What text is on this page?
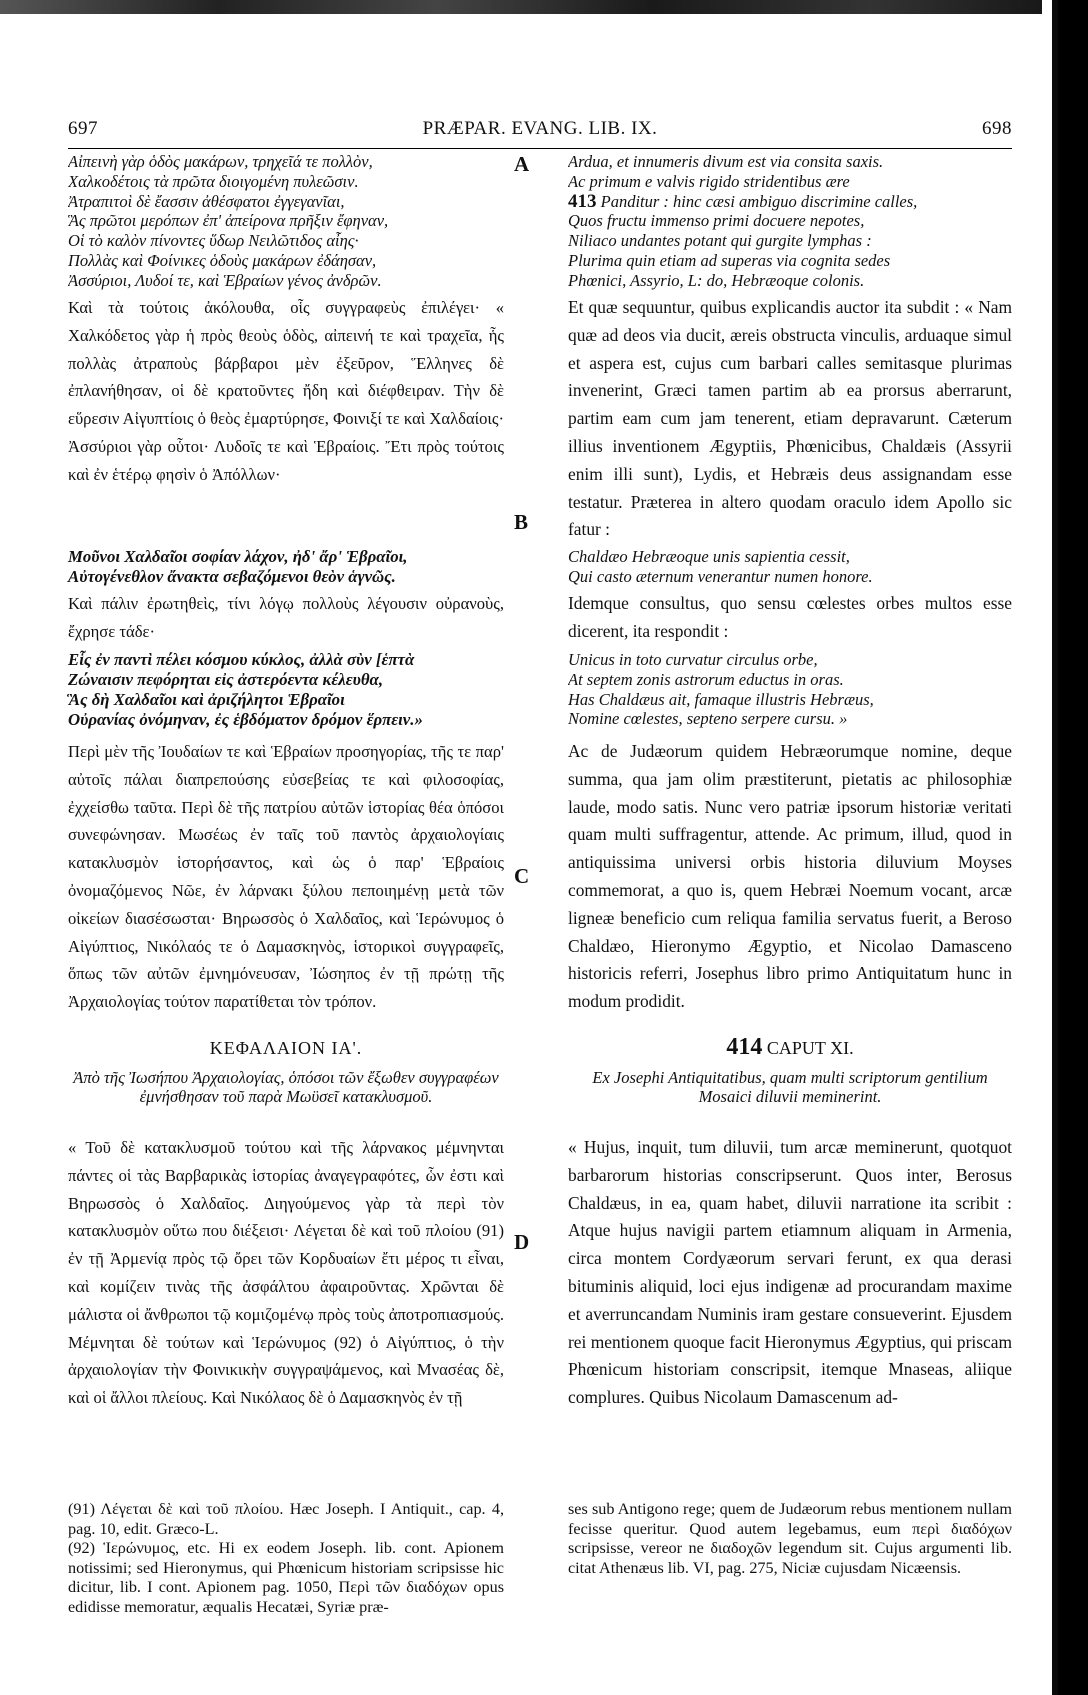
PRÆPAR. EVANG. LIB. IX.
697	698
A
B
C
D
Αἰπεινὴ γὰρ ὁδὸς μακάρων, τρηχεῖά τε πολλὸν,
Χαλκοδέτοις τὰ πρῶτα διοιγομένη πυλεῶσιν.
Ἀτραπιτοὶ δὲ ἔασσιν ἀθέσφατοι ἐγγεγανῖαι,
Ἃς πρῶτοι μερόπων ἐπ' ἀπείρονα πρῆξιν ἔφηναν,
Οἱ τὸ καλὸν πίνοντες ὕδωρ Νειλῶτιδος αἶης·
Πολλὰς καὶ Φοίνικες ὁδοὺς μακάρων ἐδάησαν,
Ἀσσύριοι, Λυδοί τε, καὶ Ἑβραίων γένος ἀνδρῶν.
Καὶ τὰ τούτοις ἀκόλουθα, οἷς συγγραφεὺς ἐπιλέγει· « Χαλκόδετος γὰρ ἡ πρὸς θεοὺς ὁδὸς, αἰπεινή τε καὶ τραχεῖα, ἧς πολλὰς ἀτραποὺς βάρβαροι μὲν ἐξεῦρον, Ἕλληνες δὲ ἐπλανήθησαν, οἱ δὲ κρατοῦντες ἤδη καὶ διέφθειραν. Τὴν δὲ εὕρεσιν Αἰγυπτίοις ὁ θεὸς ἐμαρτύρησε, Φοινιξί τε καὶ Χαλδαίοις· Ἀσσύριοι γὰρ οὗτοι· Λυδοῖς τε καὶ Ἑβραίοις. Ἔτι πρὸς τούτοις καὶ ἐν ἑτέρῳ φησὶν ὁ Ἀπόλλων·
Μοῦνοι Χαλδαῖοι σοφίαν λάχον, ἠδ' ἄρ' Ἑβραῖοι,
Αὐτογένεθλον ἄνακτα σεβαζόμενοι θεὸν ἁγνῶς.
Καὶ πάλιν ἐρωτηθεὶς, τίνι λόγῳ πολλοὺς λέγουσιν οὐρανοὺς, ἔχρησε τάδε·
Εἷς ἐν παντὶ πέλει κόσμου κύκλος, ἀλλὰ σὺν [ἑπτὰ
Ζώναισιν πεφόρηται εἰς ἀστερόεντα κέλευθα,
Ἃς δὴ Χαλδαῖοι καὶ ἀριζήλητοι Ἑβραῖοι
Οὐρανίας ὀνόμηναν, ἐς ἑβδόματον δρόμον ἕρπειν.»
Περὶ μὲν τῆς Ἰουδαίων τε καὶ Ἑβραίων προσηγορίας, τῆς τε παρ' αὐτοῖς πάλαι διαπρεπούσης εὐσεβείας τε καὶ φιλοσοφίας, ἐχχείσθω ταῦτα. Περὶ δὲ τῆς πατρίου αὐτῶν ἱστορίας θέα ὁπόσοι συνεφώνησαν. Μωσέως ἐν ταῖς τοῦ παντὸς ἀρχαιολογίαις κατακλυσμὸν ἱστορήσαντος, καὶ ὡς ὁ παρ' Ἑβραίοις ὀνομαζόμενος Νῶε, ἐν λάρνακι ξύλου πεποιημένῃ μετὰ τῶν οἰκείων διασέσωσται· Βηρωσσὸς ὁ Χαλδαῖος, καὶ Ἱερώνυμος ὁ Αἰγύπτιος, Νικόλαός τε ὁ Δαμασκηνὸς, ἱστορικοὶ συγγραφεῖς, ὅπως τῶν αὐτῶν ἐμνημόνευσαν, Ἰώσηπος ἐν τῇ πρώτῃ τῆς Ἀρχαιολογίας τούτον παρατίθεται τὸν τρόπον.
ΚΕΦΑΛΑΙΟΝ ΙΑ'.
Ἀπὸ τῆς Ἰωσήπου Ἀρχαιολογίας, ὁπόσοι τῶν ἔξωθεν συγγραφέων ἐμνήσθησαν τοῦ παρὰ Μωϋσεῖ κατακλυσμοῦ.
« Τοῦ δὲ κατακλυσμοῦ τούτου καὶ τῆς λάρνακος μέμνηνται πάντες οἱ τὰς Βαρβαρικὰς ἱστορίας ἀναγεγραφότες, ὧν ἐστι καὶ Βηρωσσὸς ὁ Χαλδαῖος. Διηγούμενος γὰρ τὰ περὶ τὸν κατακλυσμὸν οὕτω που διέξεισι· Λέγεται δὲ καὶ τοῦ πλοίου (91) ἐν τῇ Ἀρμενίᾳ πρὸς τῷ ὄρει τῶν Κορδυαίων ἔτι μέρος τι εἶναι, καὶ κομίζειν τινὰς τῆς ἀσφάλτου ἀφαιροῦντας. Χρῶνται δὲ μάλιστα οἱ ἄνθρωποι τῷ κομιζομένῳ πρὸς τοὺς ἀποτροπιασμούς. Μέμνηται δὲ τούτων καὶ Ἱερώνυμος (92) ὁ Αἰγύπτιος, ὁ τὴν ἀρχαιολογίαν τὴν Φοινικικὴν συγγραψάμενος, καὶ Μνασέας δὲ, καὶ οἱ ἄλλοι πλείους. Καὶ Νικόλαος δὲ ὁ Δαμασκηνὸς ἐν τῇ
Ardua, et innumeris divum est via consita saxis.
Ac primum e valvis rigido stridentibus ære
413 Panditur : hinc cæsi ambiguo discrimine calles,
Quos fructu immenso primi docuere nepotes,
Niliaco undantes potant qui gurgite lymphas :
Plurima quin etiam ad superas via cognita sedes
Phœnici, Assyrio, L: do, Hebræoque colonis.
Et quæ sequuntur, quibus explicandis auctor ita subdit : « Nam quæ ad deos via ducit, æreis obstructa vinculis, arduaque simul et aspera est, cujus cum barbari calles semitasque plurimas invenerint, Græci tamen partim ab ea prorsus aberrarunt, partim eam cum jam tenerent, etiam depravarunt. Cæterum illius inventionem Ægyptiis, Phœnicibus, Chaldæis (Assyrii enim illi sunt), Lydis, et Hebræis deus assignandam esse testatur. Præterea in altero quodam oraculo idem Apollo sic fatur :
Chaldæo Hebræoque unis sapientia cessit,
Qui casto æternum venerantur numen honore.
Idemque consultus, quo sensu cœlestes orbes multos esse dicerent, ita respondit :
Unicus in toto curvatur circulus orbe,
At septem zonis astrorum eductus in oras.
Has Chaldæus ait, famaque illustris Hebræus,
Nomine cœlestes, septeno serpere cursu. »
Ac de Judæorum quidem Hebræorumque nomine, deque summa, qua jam olim præstiterunt, pietatis ac philosophiæ laude, modo satis. Nunc vero patriæ ipsorum historiæ veritati quam multi suffragentur, attende. Ac primum, illud, quod in antiquissima universi orbis historia diluvium Moyses commemorat, a quo is, quem Hebræi Noemum vocant, arcæ ligneæ beneficio cum reliqua familia servatus fuerit, a Beroso Chaldæo, Hieronymo Ægyptio, et Nicolao Damasceno historicis referri, Josephus libro primo Antiquitatum hunc in modum prodidit.
414 CAPUT XI.
Ex Josephi Antiquitatibus, quam multi scriptorum gentilium Mosaici diluvii meminerint.
« Hujus, inquit, tum diluvii, tum arcæ meminerunt, quotquot barbarorum historias conscripserunt. Quos inter, Berosus Chaldæus, in ea, quam habet, diluvii narratione ita scribit : Atque hujus navigii partem etiamnum aliquam in Armenia, circa montem Cordyæorum servari ferunt, ex qua derasi bituminis aliquid, loci ejus indigenæ ad procurandam maxime et averruncandam Numinis iram gestare consueverint. Ejusdem rei mentionem quoque facit Hieronymus Ægyptius, qui priscam Phœnicum historiam conscripsit, itemque Mnaseas, aliique complures. Quibus Nicolaum Damascenum ad-
(91) Λέγεται δὲ καὶ τοῦ πλοίου. Hæc Joseph. I Antiquit., cap. 4, pag. 10, edit. Græco-L.
(92) Ἱερώνυμος, etc. Hi ex eodem Joseph. lib. cont. Apionem notissimi; sed Hieronymus, qui Phœnicum historiam scripsisse hic dicitur, lib. I cont. Apionem pag. 1050, Περὶ τῶν διαδόχων opus edidisse memoratur, æqualis Hecatæi, Syriæ præ-
ses sub Antigono rege; quem de Judæorum rebus mentionem nullam fecisse queritur. Quod autem legebamus, eum περὶ διαδόχων scripsisse, vereor ne διαδοχῶν legendum sit. Cujus argumenti lib. citat Athenæus lib. VI, pag. 275, Niciæ cujusdam Nicæensis.
